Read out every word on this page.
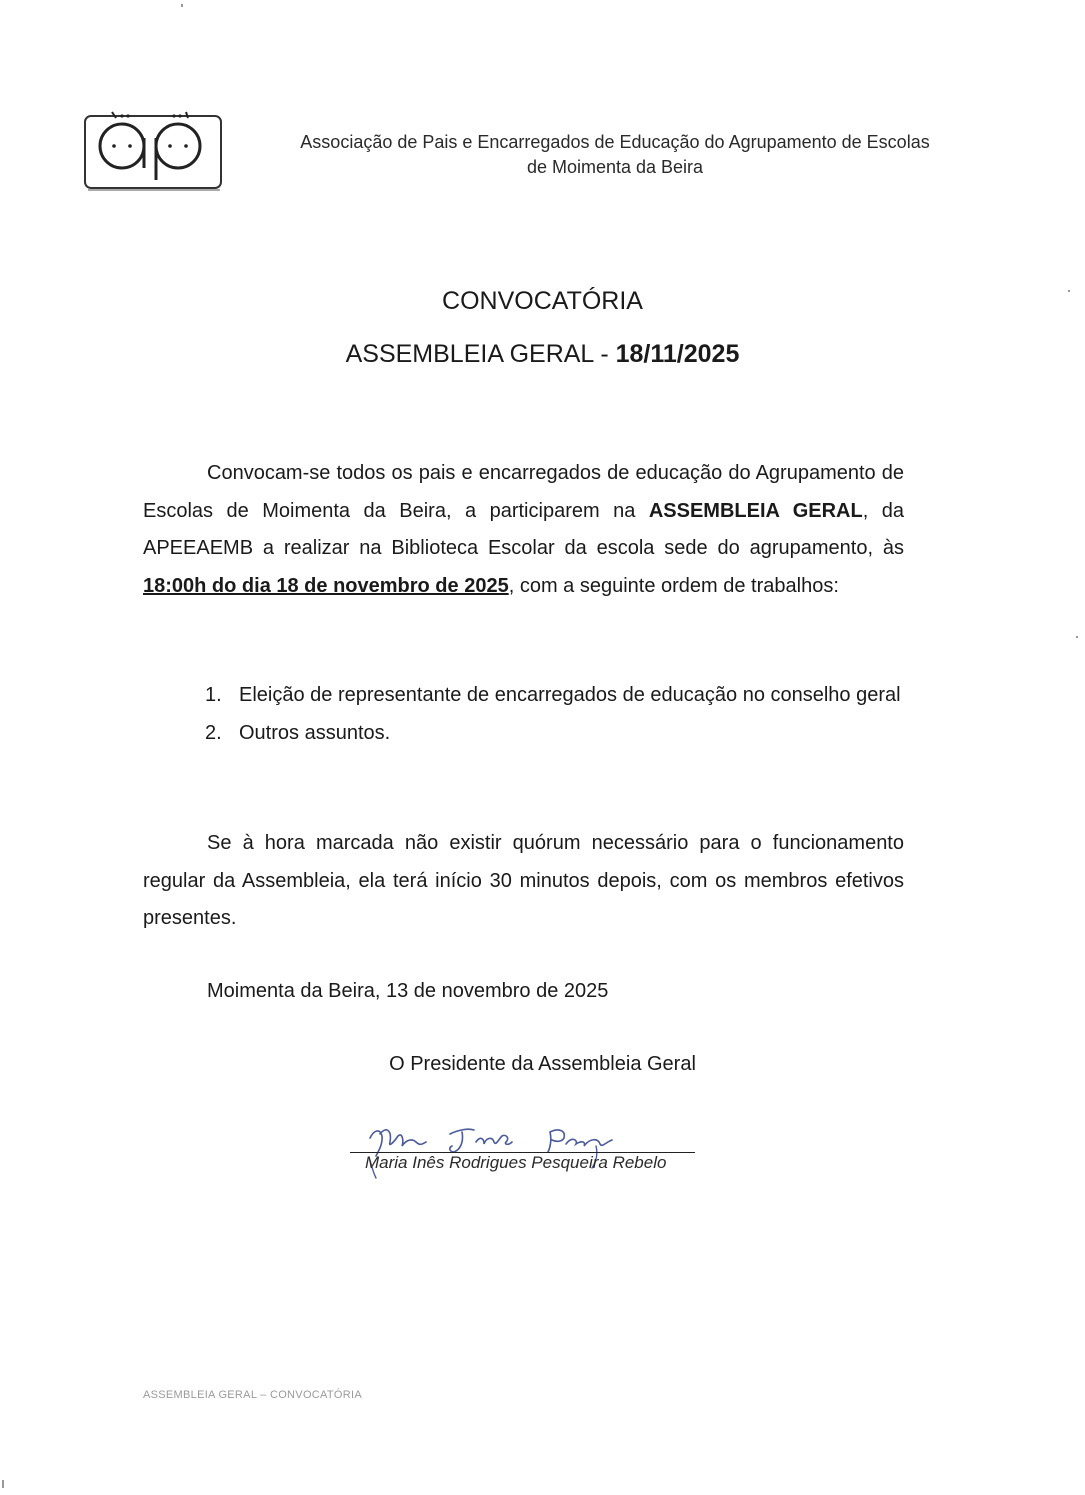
Associação de Pais e Encarregados de Educação do Agrupamento de Escolas
de Moimenta da Beira
CONVOCATÓRIA
ASSEMBLEIA GERAL - 18/11/2025
Convocam-se todos os pais e encarregados de educação do Agrupamento de Escolas de Moimenta da Beira, a participarem na ASSEMBLEIA GERAL, da APEEAEMB a realizar na Biblioteca Escolar da escola sede do agrupamento, às 18:00h do dia 18 de novembro de 2025, com a seguinte ordem de trabalhos:
1. Eleição de representante de encarregados de educação no conselho geral
2. Outros assuntos.
Se à hora marcada não existir quórum necessário para o funcionamento regular da Assembleia, ela terá início 30 minutos depois, com os membros efetivos presentes.
Moimenta da Beira, 13 de novembro de 2025
O Presidente da Assembleia Geral
Maria Inês Rodrigues Pesqueira Rebelo
ASSEMBLEIA GERAL – CONVOCATÓRIA
